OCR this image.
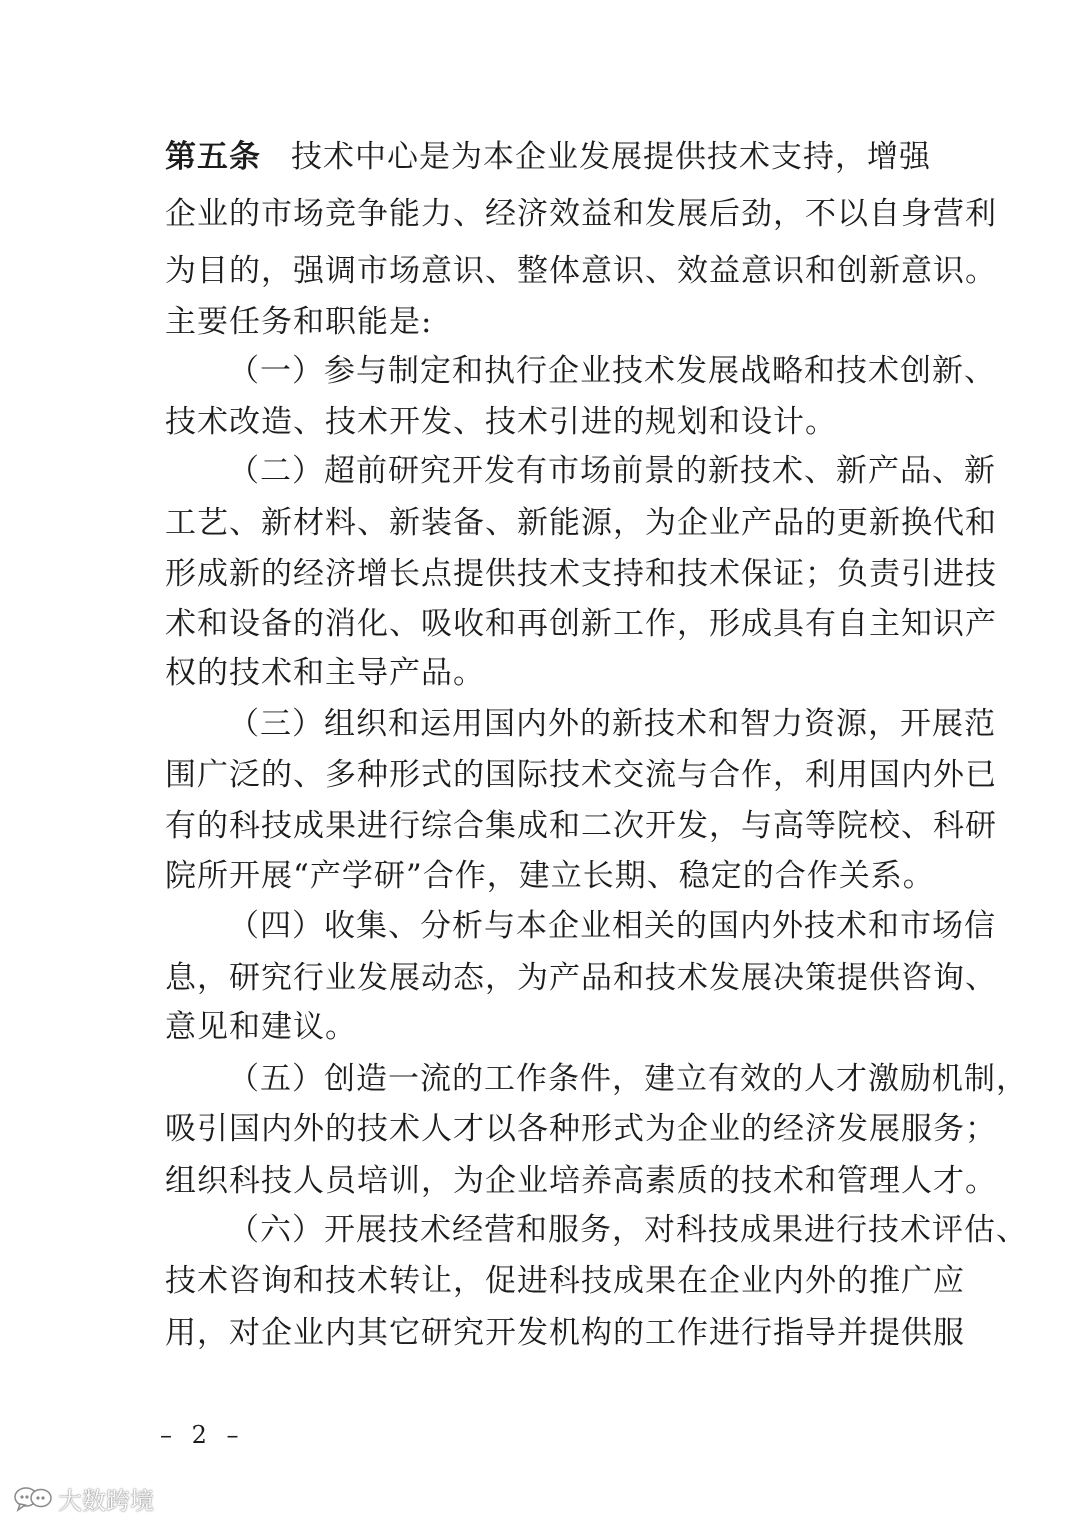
第五条 技术中心是为本企业发展提供技术支持，增强
企业的市场竞争能力、经济效益和发展后劲，不以自身营利
为目的，强调市场意识、整体意识、效益意识和创新意识。
主要任务和职能是:
（一）参与制定和执行企业技术发展战略和技术创新、
技术改造、技术开发、技术引进的规划和设计。
（二）超前研究开发有市场前景的新技术、新产品、新
工艺、新材料、新装备、新能源，为企业产品的更新换代和
形成新的经济增长点提供技术支持和技术保证；负责引进技
术和设备的消化、吸收和再创新工作，形成具有自主知识产
权的技术和主导产品。
（三）组织和运用国内外的新技术和智力资源，开展范
围广泛的、多种形式的国际技术交流与合作，利用国内外已
有的科技成果进行综合集成和二次开发，与高等院校、科研
院所开展“产学研”合作，建立长期、稳定的合作关系。
（四）收集、分析与本企业相关的国内外技术和市场信
息，研究行业发展动态，为产品和技术发展决策提供咨询、
意见和建议。
（五）创造一流的工作条件，建立有效的人才激励机制，
吸引国内外的技术人才以各种形式为企业的经济发展服务；
组织科技人员培训，为企业培养高素质的技术和管理人才。
（六）开展技术经营和服务，对科技成果进行技术评估、
技术咨询和技术转让，促进科技成果在企业内外的推广应
用，对企业内其它研究开发机构的工作进行指导并提供服
– 2 –
大数跨境
